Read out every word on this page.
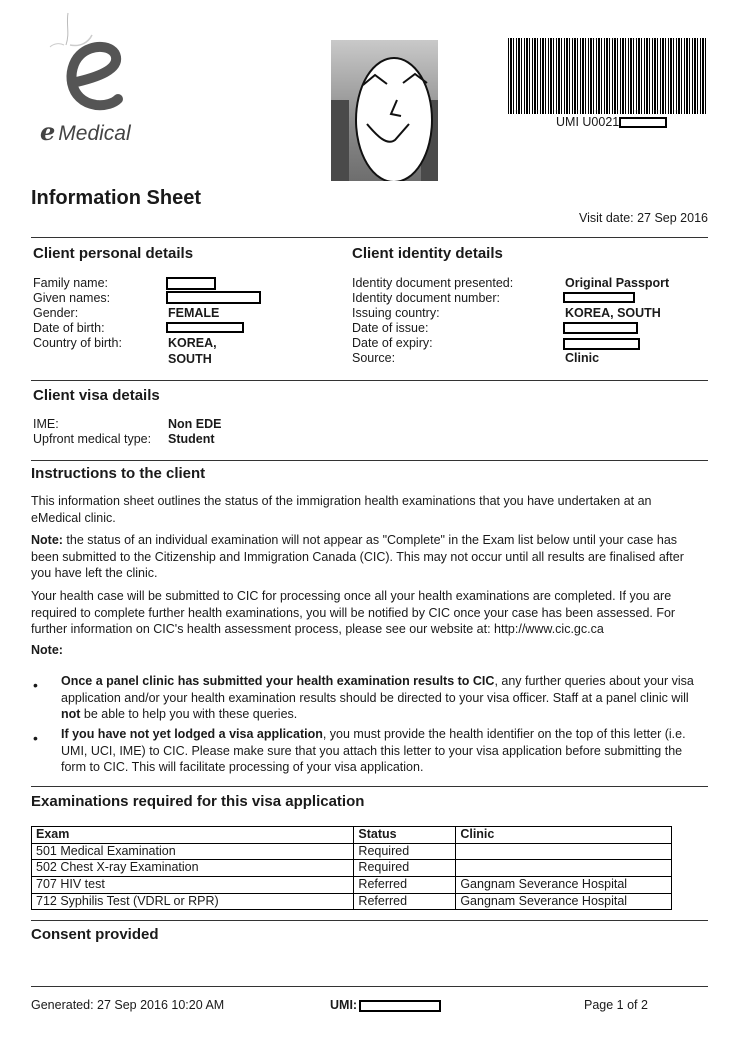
e Medical	UMI U0021
Information Sheet
Visit date: 27 Sep 2016
Client personal details
Family name:
Given names:
Gender:	FEMALE
Date of birth:
Country of birth:	KOREA, SOUTH
Client identity details
Identity document presented:	Original Passport
Identity document number:
Issuing country:	KOREA, SOUTH
Date of issue:
Date of expiry:
Source:	Clinic
Client visa details
IME:	Non EDE
Upfront medical type: Student
Instructions to the client
This information sheet outlines the status of the immigration health examinations that you have undertaken at an eMedical clinic.
Note: the status of an individual examination will not appear as "Complete" in the Exam list below until your case has been submitted to the Citizenship and Immigration Canada (CIC). This may not occur until all results are finalised after you have left the clinic.
Your health case will be submitted to CIC for processing once all your health examinations are completed. If you are required to complete further health examinations, you will be notified by CIC once your case has been assessed. For further information on CIC's health assessment process, please see our website at: http://www.cic.gc.ca
Note:
• Once a panel clinic has submitted your health examination results to CIC, any further queries about your visa application and/or your health examination results should be directed to your visa officer. Staff at a panel clinic will not be able to help you with these queries.
• If you have not yet lodged a visa application, you must provide the health identifier on the top of this letter (i.e. UMI, UCI, IME) to CIC. Please make sure that you attach this letter to your visa application before submitting the form to CIC. This will facilitate processing of your visa application.
Examinations required for this visa application
Exam	Status	Clinic
501 Medical Examination	Required	
502 Chest X-ray Examination	Required	
707 HIV test	Referred	Gangnam Severance Hospital
712 Syphilis Test (VDRL or RPR)	Referred	Gangnam Severance Hospital
Consent provided
Generated: 27 Sep 2016 10:20 AM	UMI:	Page 1 of 2
